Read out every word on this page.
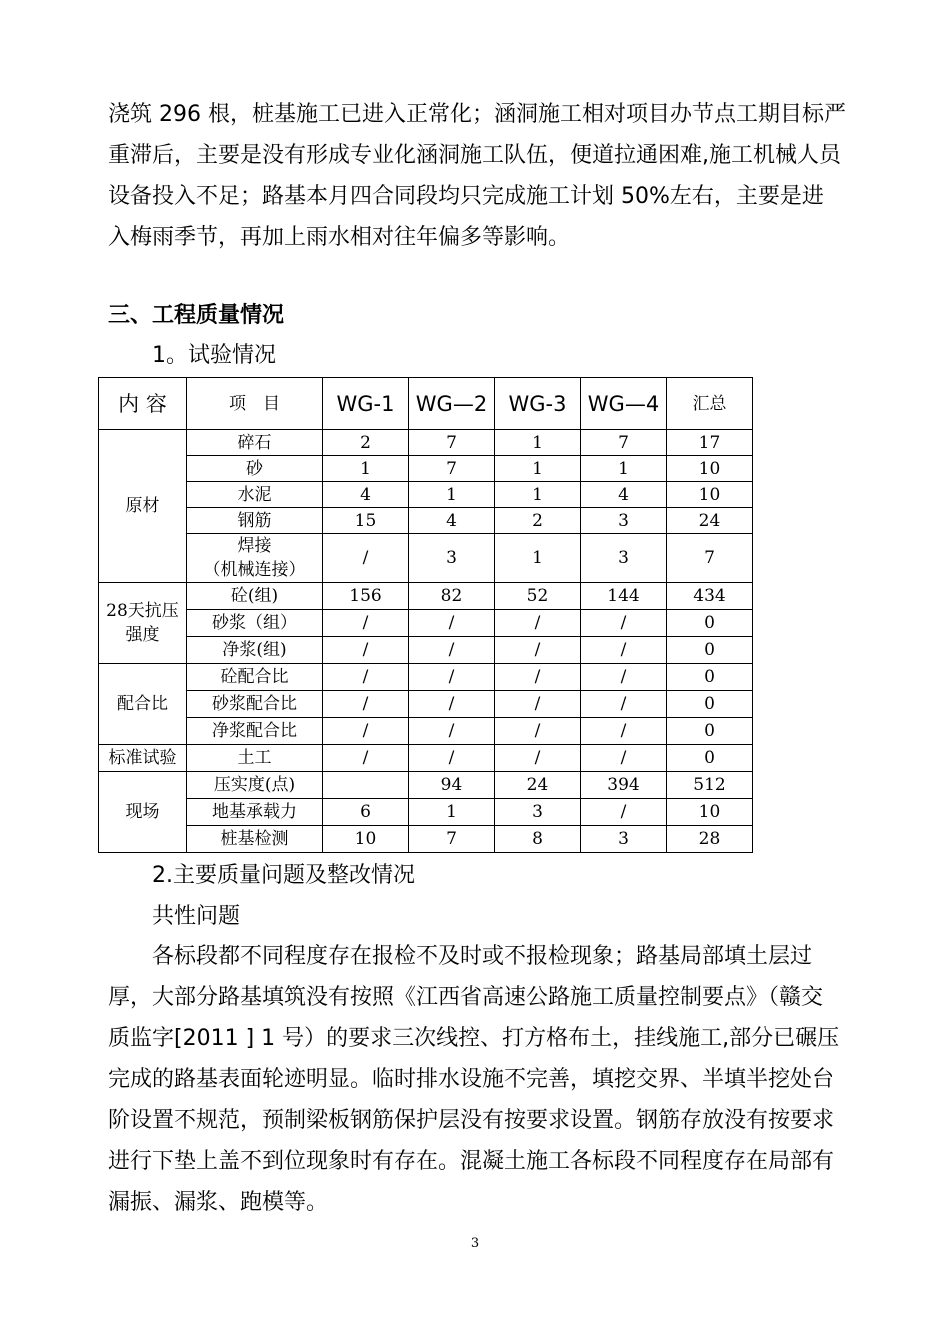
浇筑 296 根，桩基施工已进入正常化；涵洞施工相对项目办节点工期目标严
重滞后，主要是没有形成专业化涵洞施工队伍，便道拉通困难,施工机械人员
设备投入不足；路基本月四合同段均只完成施工计划 50%左右，主要是进
入梅雨季节，再加上雨水相对往年偏多等影响。
三、工程质量情况
1。试验情况
内 容	项　目	WG-1	WG—2	WG-3	WG—4	汇总
原材	碎石	2	7	1	7	17
	砂	1	7	1	1	10
	水泥	4	1	1	4	10
	钢筋	15	4	2	3	24

	焊接
（机械连接）	/	3	1	3	7

28天抗压
强度	砼(组)	156	82	52	144	434
	砂浆（组）	/	/	/	/	0
	净浆(组)	/	/	/	/	0
配合比	砼配合比	/	/	/	/	0
	砂浆配合比	/	/	/	/	0
	净浆配合比	/	/	/	/	0
标准试验	土工	/	/	/	/	0
现场	压实度(点)		94	24	394	512
	地基承载力	6	1	3	/	10
	桩基检测	10	7	8	3	28
2.主要质量问题及整改情况
共性问题
各标段都不同程度存在报检不及时或不报检现象；路基局部填土层过
厚，大部分路基填筑没有按照《江西省高速公路施工质量控制要点》（赣交
质监字[2011 ] 1 号）的要求三次线控、打方格布土，挂线施工,部分已碾压
完成的路基表面轮迹明显。临时排水设施不完善，填挖交界、半填半挖处台
阶设置不规范，预制梁板钢筋保护层没有按要求设置。钢筋存放没有按要求
进行下垫上盖不到位现象时有存在。混凝土施工各标段不同程度存在局部有
漏振、漏浆、跑模等。
3
